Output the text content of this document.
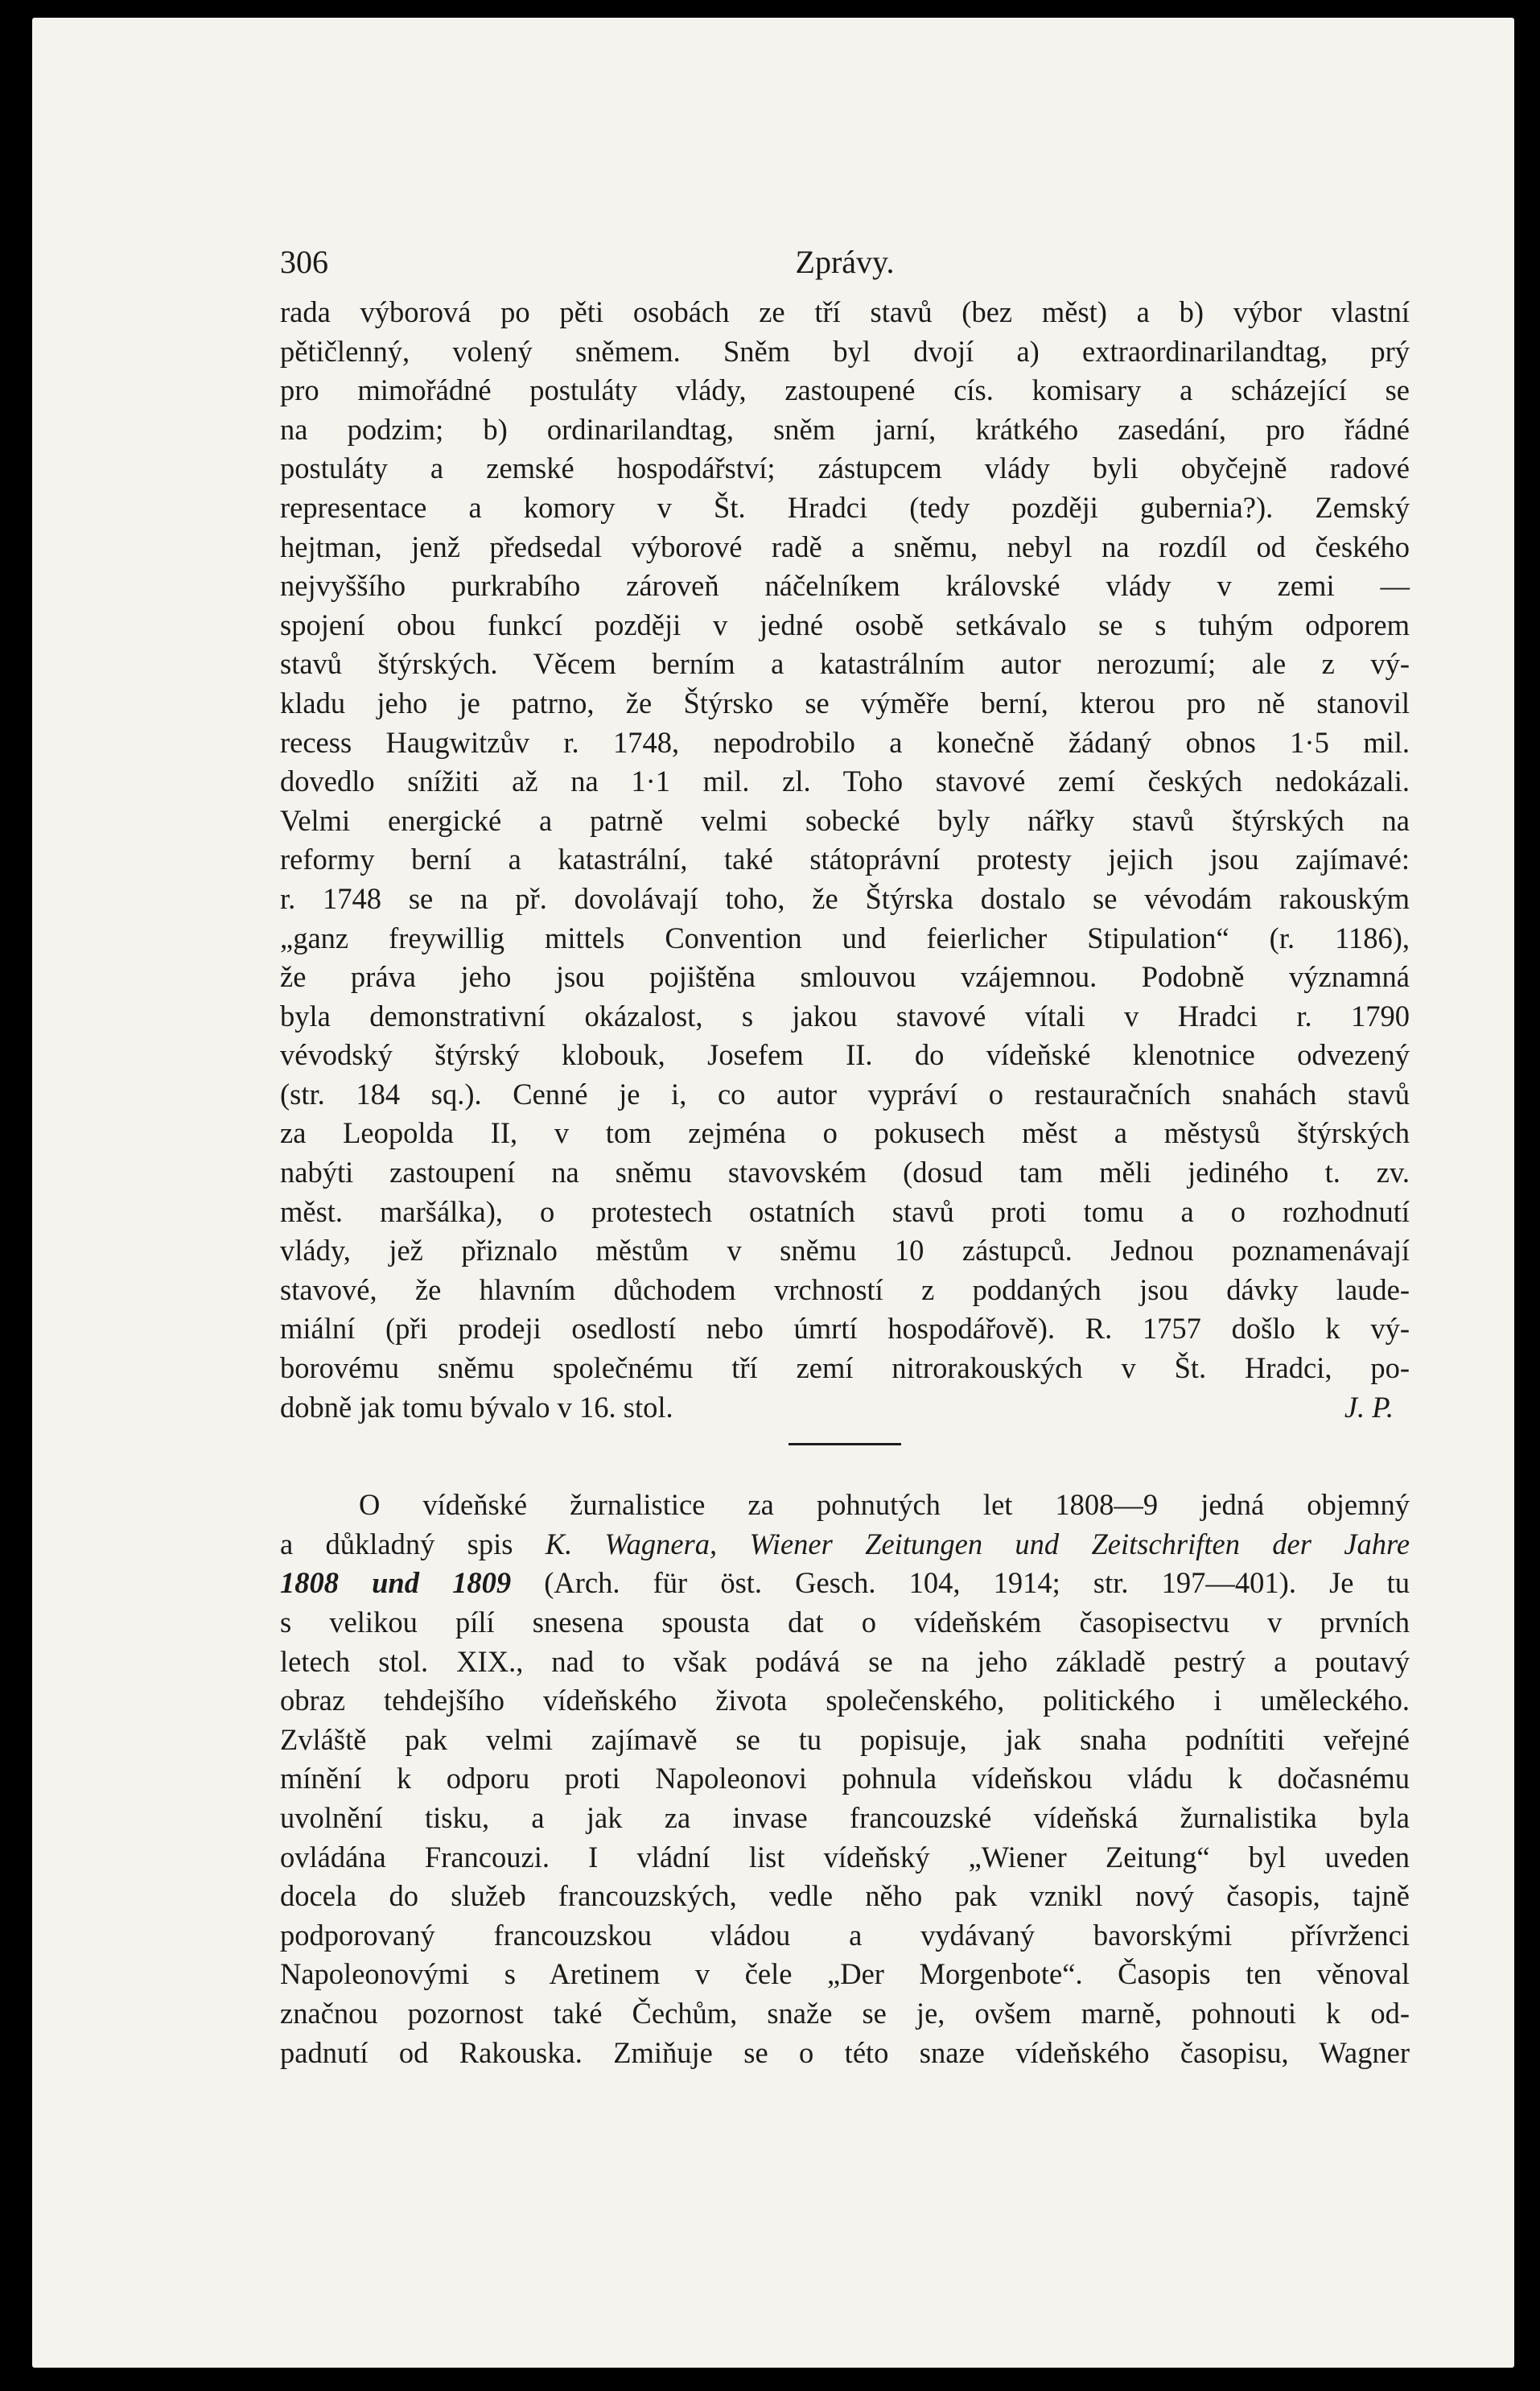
306	Zprávy.
rada výborová po pěti osobách ze tří stavů (bez měst) a b) výbor vlastní
pětičlenný, volený sněmem. Sněm byl dvojí a) extraordinarilandtag, prý
pro mimořádné postuláty vlády, zastoupené cís. komisary a scházející se
na podzim; b) ordinarilandtag, sněm jarní, krátkého zasedání, pro řádné
postuláty a zemské hospodářství; zástupcem vlády byli obyčejně radové
representace a komory v Št. Hradci (tedy později gubernia?). Zemský
hejtman, jenž předsedal výborové radě a sněmu, nebyl na rozdíl od českého
nejvyššího purkrabího zároveň náčelníkem královské vlády v zemi —
spojení obou funkcí později v jedné osobě setkávalo se s tuhým odporem
stavů štýrských. Věcem berním a katastrálním autor nerozumí; ale z vý-
kladu jeho je patrno, že Štýrsko se výměře berní, kterou pro ně stanovil
recess Haugwitzův r. 1748, nepodrobilo a konečně žádaný obnos 1·5 mil.
dovedlo snížiti až na 1·1 mil. zl. Toho stavové zemí českých nedokázali.
Velmi energické a patrně velmi sobecké byly nářky stavů štýrských na
reformy berní a katastrální, také státoprávní protesty jejich jsou zajímavé:
r. 1748 se na př. dovolávají toho, že Štýrska dostalo se vévodám rakouským
„ganz freywillig mittels Convention und feierlicher Stipulation“ (r. 1186),
že práva jeho jsou pojištěna smlouvou vzájemnou. Podobně významná
byla demonstrativní okázalost, s jakou stavové vítali v Hradci r. 1790
vévodský štýrský klobouk, Josefem II. do vídeňské klenotnice odvezený
(str. 184 sq.). Cenné je i, co autor vypráví o restauračních snahách stavů
za Leopolda II, v tom zejména o pokusech měst a městysů štýrských
nabýti zastoupení na sněmu stavovském (dosud tam měli jediného t. zv.
měst. maršálka), o protestech ostatních stavů proti tomu a o rozhodnutí
vlády, jež přiznalo městům v sněmu 10 zástupců. Jednou poznamenávají
stavové, že hlavním důchodem vrchností z poddaných jsou dávky laude-
miální (při prodeji osedlostí nebo úmrtí hospodářově). R. 1757 došlo k vý-
borovému sněmu společnému tří zemí nitrorakouských v Št. Hradci, po-
dobně jak tomu bývalo v 16. stol.	J. P.
O vídeňské žurnalistice za pohnutých let 1808—9 jedná objemný
a důkladný spis K. Wagnera, Wiener Zeitungen und Zeitschriften der Jahre
1808 und 1809 (Arch. für öst. Gesch. 104, 1914; str. 197—401). Je tu
s velikou pílí snesena spousta dat o vídeňském časopisectvu v prvních
letech stol. XIX., nad to však podává se na jeho základě pestrý a poutavý
obraz tehdejšího vídeňského života společenského, politického i uměleckého.
Zvláště pak velmi zajímavě se tu popisuje, jak snaha podnítiti veřejné
mínění k odporu proti Napoleonovi pohnula vídeňskou vládu k dočasnému
uvolnění tisku, a jak za invase francouzské vídeňská žurnalistika byla
ovládána Francouzi. I vládní list vídeňský „Wiener Zeitung“ byl uveden
docela do služeb francouzských, vedle něho pak vznikl nový časopis, tajně
podporovaný francouzskou vládou a vydávaný bavorskými přívrženci
Napoleonovými s Aretinem v čele „Der Morgenbote“. Časopis ten věnoval
značnou pozornost také Čechům, snaže se je, ovšem marně, pohnouti k od-
padnutí od Rakouska. Zmiňuje se o této snaze vídeňského časopisu, Wagner
